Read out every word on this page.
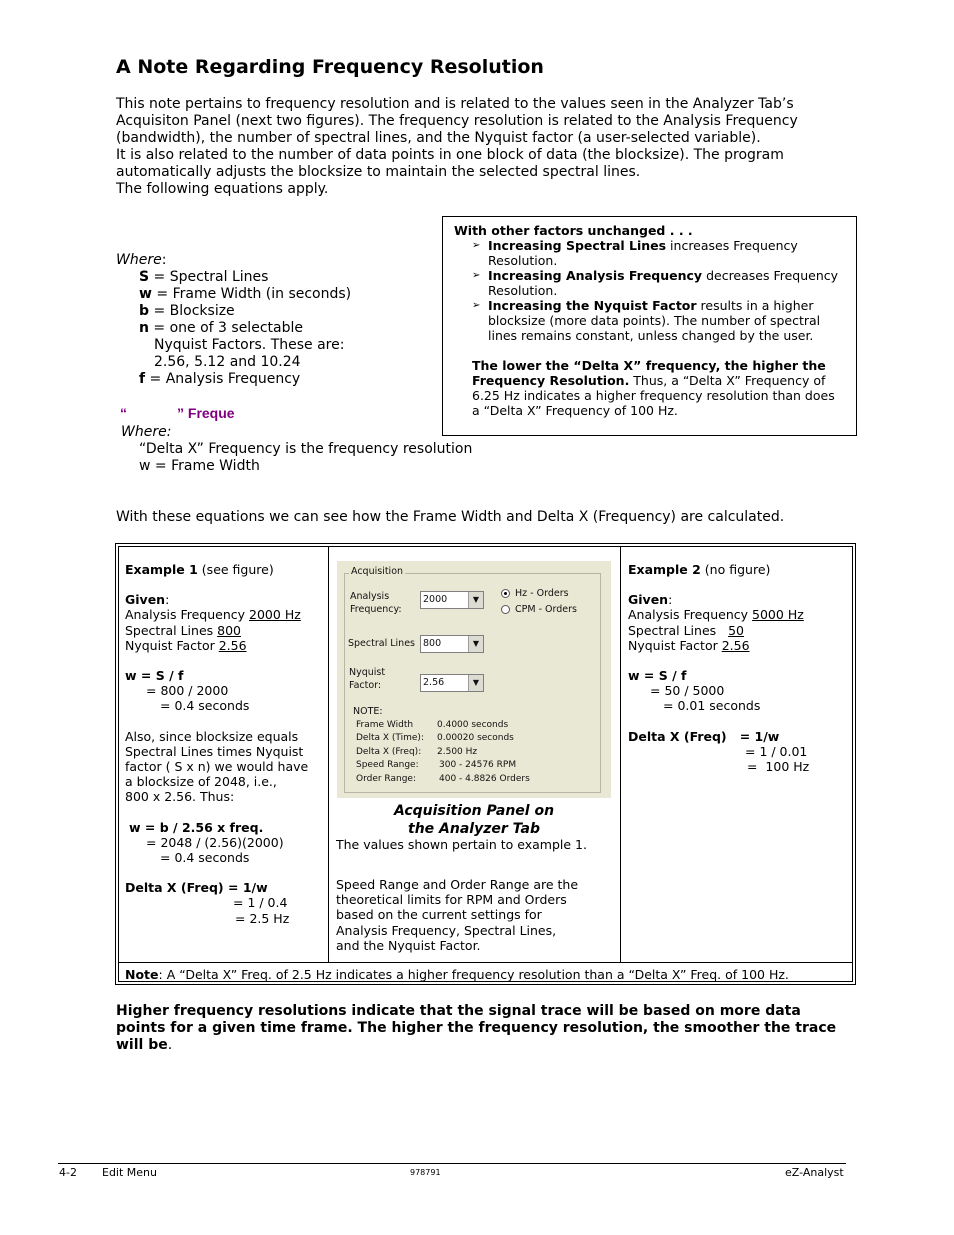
A Note Regarding Frequency Resolution

This note pertains to frequency resolution and is related to the values seen in the Analyzer Tab’s

Acquisiton Panel (next two figures). The frequency resolution is related to the Analysis Frequency

(bandwidth), the number of spectral lines, and the Nyquist factor (a user-selected variable).

It is also related to the number of data points in one block of data (the blocksize). The program

automatically adjusts the blocksize to maintain the selected spectral lines.

The following equations apply.

Where:
S = Spectral Lines
w = Frame Width (in seconds)
b = Blocksize
n = one of 3 selectable
Nyquist Factors. These are:
2.56, 5.12 and 10.24
f = Analysis Frequency
“	” Freque
Where:
“Delta X” Frequency is the frequency resolution
w = Frame Width
With other factors unchanged . . .
➢ Increasing Spectral Lines increases Frequency
Resolution.
➢ Increasing Analysis Frequency decreases Frequency
Resolution.
➢ Increasing the Nyquist Factor results in a higher
blocksize (more data points). The number of spectral
lines remains constant, unless changed by the user.
The lower the “Delta X” frequency, the higher the
Frequency Resolution. Thus, a “Delta X” Frequency of
6.25 Hz indicates a higher frequency resolution than does
a “Delta X” Frequency of 100 Hz.
With these equations we can see how the Frame Width and Delta X (Frequency) are calculated.
Example 1 (see figure)
Given:
Analysis Frequency 2000 Hz
Spectral Lines 800
Nyquist Factor 2.56
w = S / f
= 800 / 2000
= 0.4 seconds
Also, since blocksize equals
Spectral Lines times Nyquist
factor ( S x n) we would have
a blocksize of 2048, i.e.,
800 x 2.56. Thus:
w = b / 2.56 x freq.
= 2048 / (2.56)(2000)
= 0.4 seconds
Delta X (Freq) = 1/w
= 1 / 0.4
= 2.5 Hz
Acquisition
Analysis
Frequency:
2000	▼
Hz - Orders
CPM - Orders
Spectral Lines 800	▼
Nyquist
Factor:	2.56	▼
NOTE:
Frame Width	0.4000 seconds
Delta X (Time): 0.00020 seconds
Delta X (Freq): 2.500 Hz
Speed Range: 300 - 24576 RPM
Order Range:	400 - 4.8826 Orders
Acquisition Panel on
the Analyzer Tab
The values shown pertain to example 1.
Speed Range and Order Range are the
theoretical limits for RPM and Orders
based on the current settings for
Analysis Frequency, Spectral Lines,
and the Nyquist Factor.
Example 2 (no figure)
Given:
Analysis Frequency 5000 Hz
Spectral Lines   50
Nyquist Factor 2.56
w = S / f
= 50 / 5000
= 0.01 seconds
Delta X (Freq)   = 1/w
= 1 / 0.01
=  100 Hz
Note: A “Delta X” Freq. of 2.5 Hz indicates a higher frequency resolution than a “Delta X” Freq. of 100 Hz.
Higher frequency resolutions indicate that the signal trace will be based on more data
points for a given time frame. The higher the frequency resolution, the smoother the trace
will be.
4-2 Edit Menu	978791	eZ-Analyst
